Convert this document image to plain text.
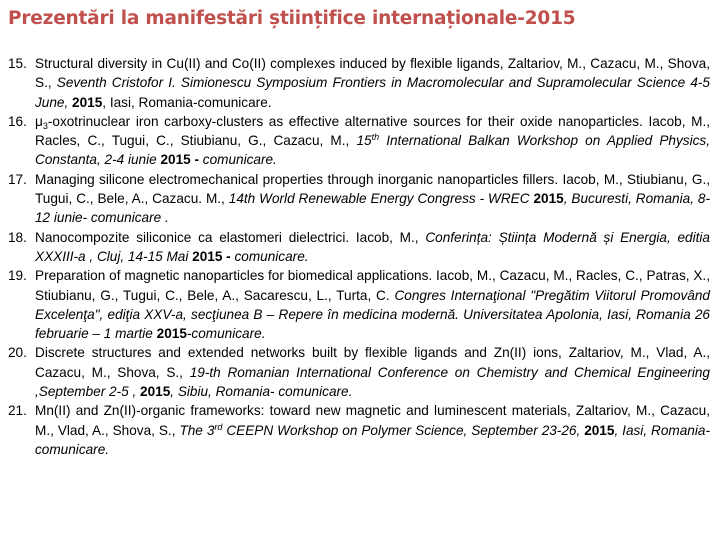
Prezentări la manifestări științifice internaționale-2015
15. Structural diversity in Cu(II) and Co(II) complexes induced by flexible ligands, Zaltariov, M., Cazacu, M., Shova, S., Seventh Cristofor I. Simionescu Symposium Frontiers in Macromolecular and Supramolecular Science 4-5 June, 2015, Iasi, Romania-comunicare.
16. $\mu_3$-oxotrinuclear iron carboxy-clusters as effective alternative sources for their oxide nanoparticles. Iacob, M., Racles, C., Tugui, C., Stiubianu, G., Cazacu, M., 15th International Balkan Workshop on Applied Physics, Constanta, 2-4 iunie 2015 - comunicare.
17. Managing silicone electromechanical properties through inorganic nanoparticles fillers. Iacob, M., Stiubianu, G., Tugui, C., Bele, A., Cazacu. M., 14th World Renewable Energy Congress - WREC 2015, Bucuresti, Romania, 8-12 iunie- comunicare .
18. Nanocompozite siliconice ca elastomeri dielectrici. Iacob, M., Conferința: Știința Modernă și Energia, editia XXXIII-a , Cluj, 14-15 Mai 2015 - comunicare.
19. Preparation of magnetic nanoparticles for biomedical applications. Iacob, M., Cazacu, M., Racles, C., Patras, X., Stiubianu, G., Tugui, C., Bele, A., Sacarescu, L., Turta, C. Congres Internaţional "Pregătim Viitorul Promovând Excelenţa", ediţia XXV-a, secţiunea B – Repere în medicina modernă. Universitatea Apolonia, Iasi, Romania 26 februarie – 1 martie 2015-comunicare.
20. Discrete structures and extended networks built by flexible ligands and Zn(II) ions, Zaltariov, M., Vlad, A., Cazacu, M., Shova, S., 19-th Romanian International Conference on Chemistry and Chemical Engineering ,September 2-5 , 2015, Sibiu, Romania- comunicare.
21. Mn(II) and Zn(II)-organic frameworks: toward new magnetic and luminescent materials, Zaltariov, M., Cazacu, M., Vlad, A., Shova, S., The 3rd CEEPN Workshop on Polymer Science, September 23-26, 2015, Iasi, Romania- comunicare.
